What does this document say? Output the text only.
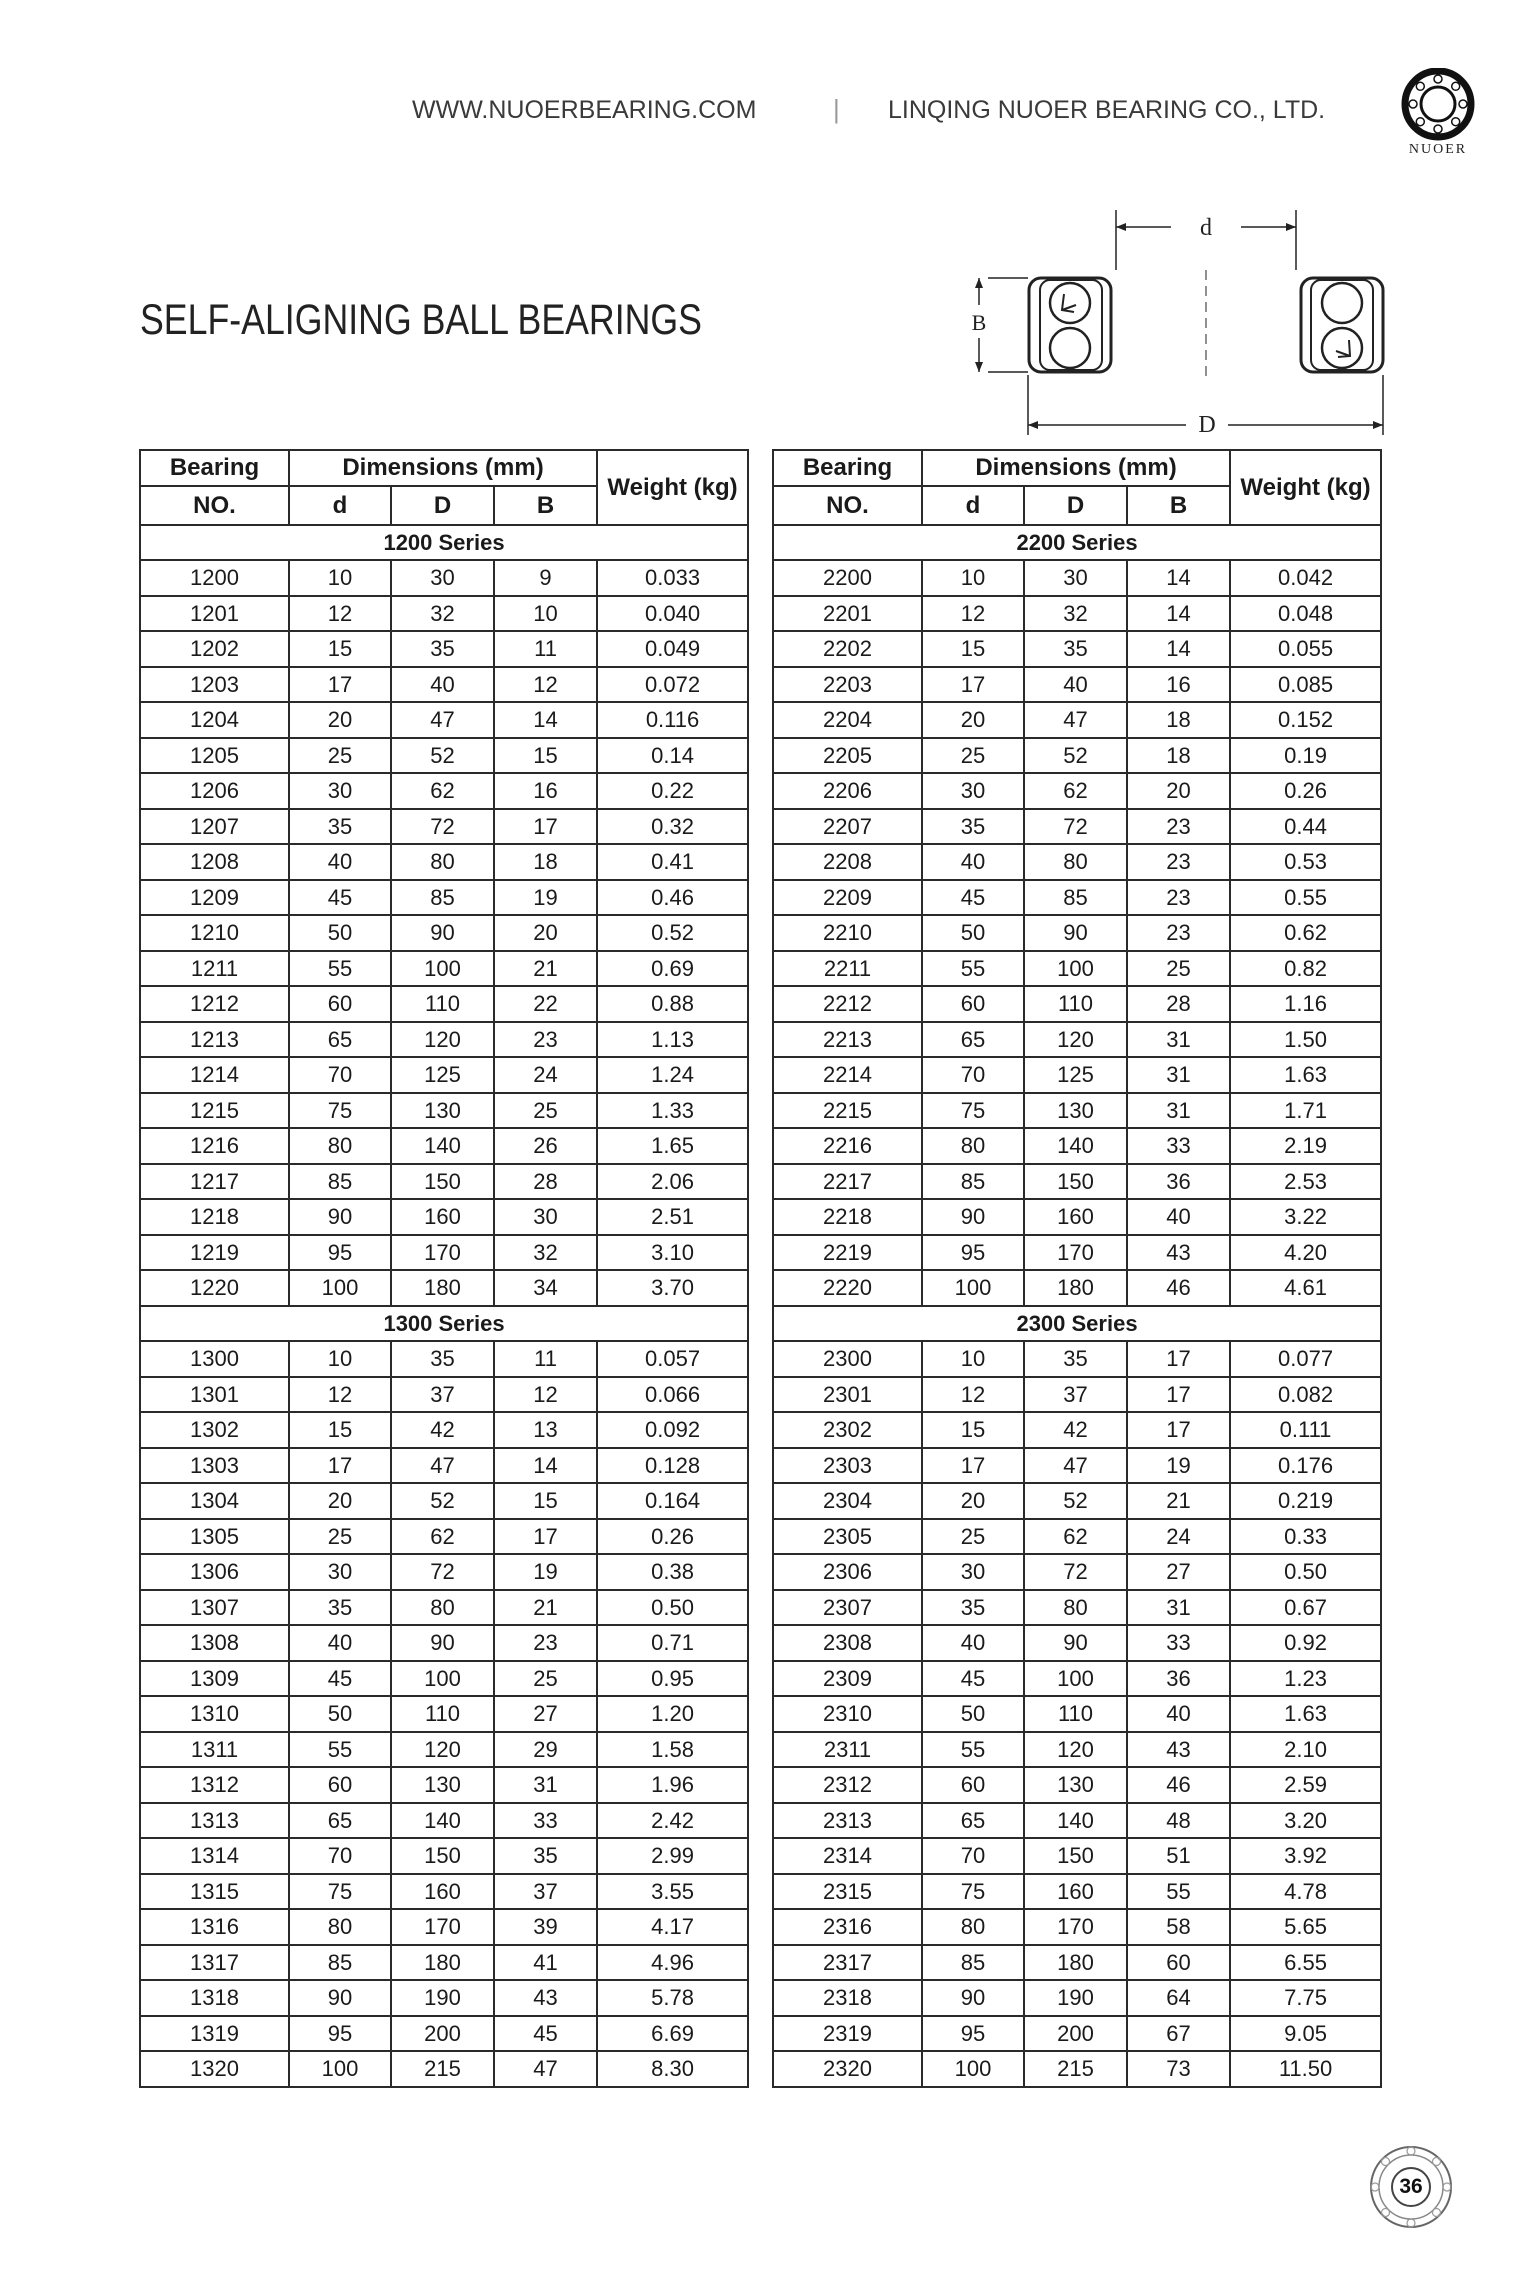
WWW.NUOERBEARING.COM	| LINQING NUOER BEARING CO., LTD.
NUOER
SELF-ALIGNING BALL BEARINGS
d
B
D
Bearing	Dimensions (mm)			Weight (kg)
NO.	d	D	B	
1200 Series				
1200	10	30	9	0.033
1201	12	32	10	0.040
1202	15	35	11	0.049
1203	17	40	12	0.072
1204	20	47	14	0.116
1205	25	52	15	0.14
1206	30	62	16	0.22
1207	35	72	17	0.32
1208	40	80	18	0.41
1209	45	85	19	0.46
1210	50	90	20	0.52
1211	55	100	21	0.69
1212	60	110	22	0.88
1213	65	120	23	1.13
1214	70	125	24	1.24
1215	75	130	25	1.33
1216	80	140	26	1.65
1217	85	150	28	2.06
1218	90	160	30	2.51
1219	95	170	32	3.10
1220	100	180	34	3.70
1300 Series				
1300	10	35	11	0.057
1301	12	37	12	0.066
1302	15	42	13	0.092
1303	17	47	14	0.128
1304	20	52	15	0.164
1305	25	62	17	0.26
1306	30	72	19	0.38
1307	35	80	21	0.50
1308	40	90	23	0.71
1309	45	100	25	0.95
1310	50	110	27	1.20
1311	55	120	29	1.58
1312	60	130	31	1.96
1313	65	140	33	2.42
1314	70	150	35	2.99
1315	75	160	37	3.55
1316	80	170	39	4.17
1317	85	180	41	4.96
1318	90	190	43	5.78
1319	95	200	45	6.69
1320	100	215	47	8.30
Bearing	Dimensions (mm)			Weight (kg)
NO.	d	D	B	
2200 Series				
2200	10	30	14	0.042
2201	12	32	14	0.048
2202	15	35	14	0.055
2203	17	40	16	0.085
2204	20	47	18	0.152
2205	25	52	18	0.19
2206	30	62	20	0.26
2207	35	72	23	0.44
2208	40	80	23	0.53
2209	45	85	23	0.55
2210	50	90	23	0.62
2211	55	100	25	0.82
2212	60	110	28	1.16
2213	65	120	31	1.50
2214	70	125	31	1.63
2215	75	130	31	1.71
2216	80	140	33	2.19
2217	85	150	36	2.53
2218	90	160	40	3.22
2219	95	170	43	4.20
2220	100	180	46	4.61
2300 Series				
2300	10	35	17	0.077
2301	12	37	17	0.082
2302	15	42	17	0.111
2303	17	47	19	0.176
2304	20	52	21	0.219
2305	25	62	24	0.33
2306	30	72	27	0.50
2307	35	80	31	0.67
2308	40	90	33	0.92
2309	45	100	36	1.23
2310	50	110	40	1.63
2311	55	120	43	2.10
2312	60	130	46	2.59
2313	65	140	48	3.20
2314	70	150	51	3.92
2315	75	160	55	4.78
2316	80	170	58	5.65
2317	85	180	60	6.55
2318	90	190	64	7.75
2319	95	200	67	9.05
2320	100	215	73	11.50
36
